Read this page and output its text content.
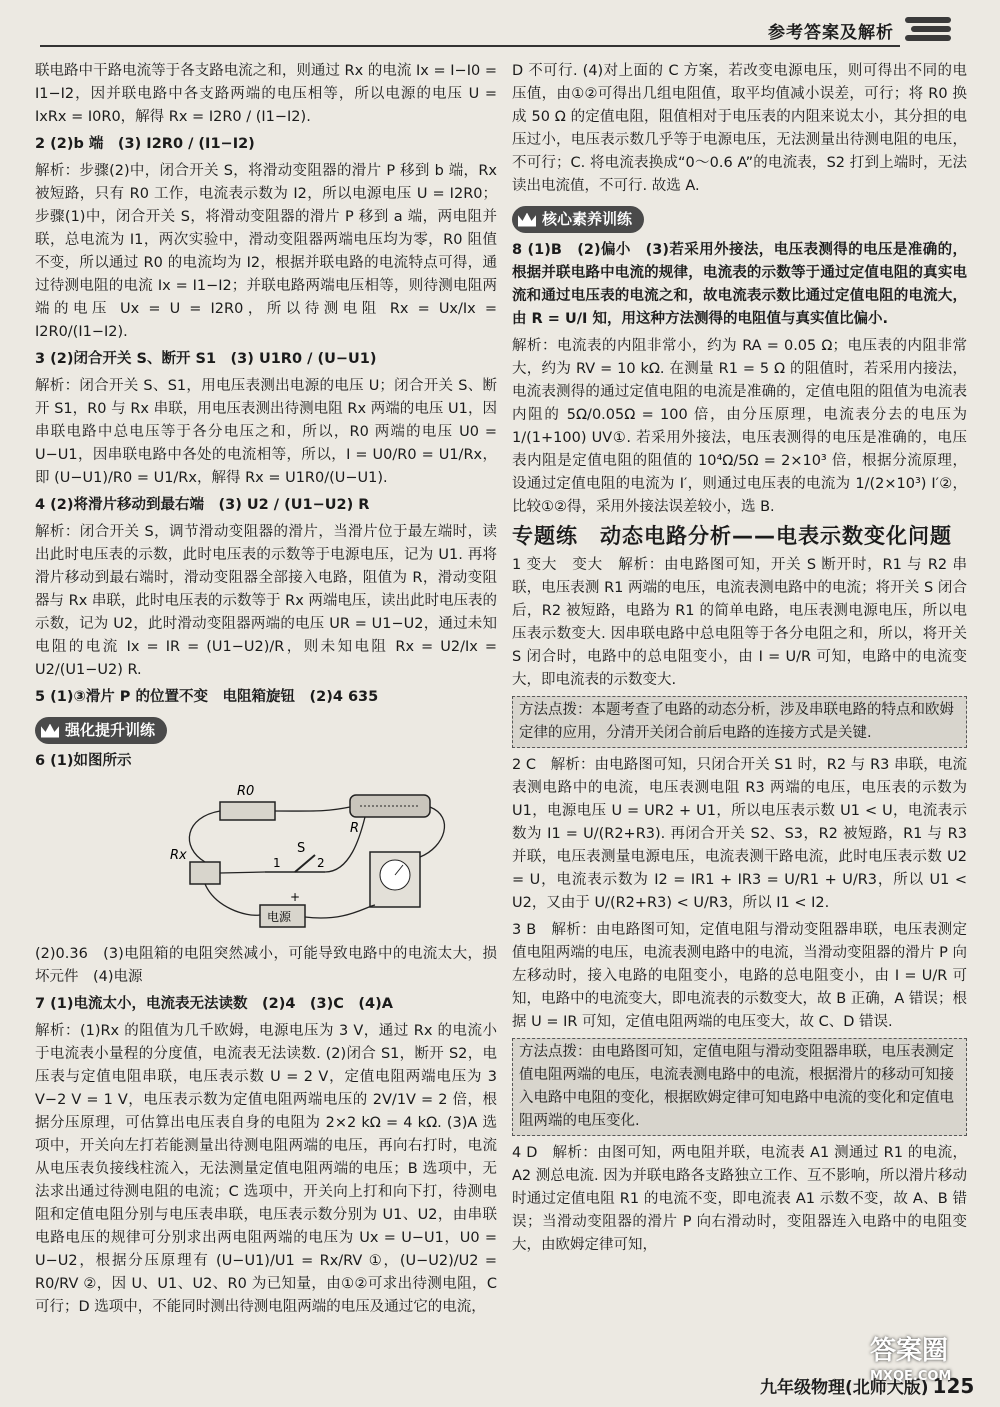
参考答案及解析

联电路中干路电流等于各支路电流之和，则通过 Rx 的电流 Ix = I−I0 = I1−I2，因并联电路中各支路两端的电压相等，所以电源的电压 U = IxRx = I0R0，解得 Rx = I2R0 / (I1−I2).

2 (2)b 端　(3) I2R0 / (I1−I2)

解析：步骤(2)中，闭合开关 S，将滑动变阻器的滑片 P 移到 b 端，Rx 被短路，只有 R0 工作，电流表示数为 I2，所以电源电压 U = I2R0；步骤(1)中，闭合开关 S，将滑动变阻器的滑片 P 移到 a 端，两电阻并联，总电流为 I1，两次实验中，滑动变阻器两端电压均为零，R0 阻值不变，所以通过 R0 的电流均为 I2，根据并联电路的电流特点可得，通过待测电阻的电流 Ix = I1−I2；并联电路两端电压相等，则待测电阻两端的电压 Ux = U = I2R0，所以待测电阻 Rx = Ux/Ix = I2R0/(I1−I2).

3 (2)闭合开关 S、断开 S1　(3) U1R0 / (U−U1)

解析：闭合开关 S、S1，用电压表测出电源的电压 U；闭合开关 S、断开 S1，R0 与 Rx 串联，用电压表测出待测电阻 Rx 两端的电压 U1，因串联电路中总电压等于各分电压之和，所以，R0 两端的电压 U0 = U−U1，因串联电路中各处的电流相等，所以，I = U0/R0 = U1/Rx，即 (U−U1)/R0 = U1/Rx，解得 Rx = U1R0/(U−U1).

4 (2)将滑片移动到最右端　(3) U2 / (U1−U2) R

解析：闭合开关 S，调节滑动变阻器的滑片，当滑片位于最左端时，读出此时电压表的示数，此时电压表的示数等于电源电压，记为 U1. 再将滑片移动到最右端时，滑动变阻器全部接入电路，阻值为 R，滑动变阻器与 Rx 串联，此时电压表的示数等于 Rx 两端电压，读出此时电压表的示数，记为 U2，此时滑动变阻器两端的电压 UR = U1−U2，通过未知电阻的电流 Ix = IR = (U1−U2)/R，则未知电阻 Rx = U2/Ix = U2/(U1−U2) R.

5 (1)③滑片 P 的位置不变　电阻箱旋钮　(2)4 635

强化提升训练

6 (1)如图所示

R0
S
1	2
R
Rx
电源
+

(2)0.36　(3)电阻箱的电阻突然减小，可能导致电路中的电流太大，损坏元件　(4)电源

7 (1)电流太小，电流表无法读数　(2)4　(3)C　(4)A

解析：(1)Rx 的阻值为几千欧姆，电源电压为 3 V，通过 Rx 的电流小于电流表小量程的分度值，电流表无法读数. (2)闭合 S1，断开 S2，电压表与定值电阻串联，电压表示数 U = 2 V，定值电阻两端电压为 3 V−2 V = 1 V，电压表示数为定值电阻两端电压的 2V/1V = 2 倍，根据分压原理，可估算出电压表自身的电阻为 2×2 kΩ = 4 kΩ. (3)A 选项中，开关向左打若能测量出待测电阻两端的电压，再向右打时，电流从电压表负接线柱流入，无法测量定值电阻两端的电压；B 选项中，无法求出通过待测电阻的电流；C 选项中，开关向上打和向下打，待测电阻和定值电阻分别与电压表串联，电压表示数分别为 U1、U2，由串联电路电压的规律可分别求出两电阻两端的电压为 Ux = U−U1，U0 = U−U2，根据分压原理有 (U−U1)/U1 = Rx/RV ①，(U−U2)/U2 = R0/RV ②，因 U、U1、U2、R0 为已知量，由①②可求出待测电阻，C 可行；D 选项中，不能同时测出待测电阻两端的电压及通过它的电流，

D 不可行. (4)对上面的 C 方案，若改变电源电压，则可得出不同的电压值，由①②可得出几组电阻值，取平均值减小误差，可行；将 R0 换成 50 Ω 的定值电阻，阻值相对于电压表的内阻来说太小，其分担的电压过小，电压表示数几乎等于电源电压，无法测量出待测电阻的电压，不可行；C. 将电流表换成“0～0.6 A”的电流表，S2 打到上端时，无法读出电流值，不可行. 故选 A.

核心素养训练

8 (1)B　(2)偏小　(3)若采用外接法，电压表测得的电压是准确的，根据并联电路中电流的规律，电流表的示数等于通过定值电阻的真实电流和通过电压表的电流之和，故电流表示数比通过定值电阻的电流大，由 R = U/I 知，用这种方法测得的电阻值与真实值比偏小.

解析：电流表的内阻非常小，约为 RA = 0.05 Ω；电压表的内阻非常大，约为 RV = 10 kΩ. 在测量 R1 = 5 Ω 的阻值时，若采用内接法，电流表测得的通过定值电阻的电流是准确的，定值电阻的阻值为电流表内阻的 5Ω/0.05Ω = 100 倍，由分压原理，电流表分去的电压为 1/(1+100) UV①. 若采用外接法，电压表测得的电压是准确的，电压表内阻是定值电阻的阻值的 10⁴Ω/5Ω = 2×10³ 倍，根据分流原理，设通过定值电阻的电流为 I′，则通过电压表的电流为 1/(2×10³) I′②，比较①②得，采用外接法误差较小，选 B.

专题练　动态电路分析——电表示数变化问题

1 变大　变大　解析：由电路图可知，开关 S 断开时，R1 与 R2 串联，电压表测 R1 两端的电压，电流表测电路中的电流；将开关 S 闭合后，R2 被短路，电路为 R1 的简单电路，电压表测电源电压，所以电压表示数变大. 因串联电路中总电阻等于各分电阻之和，所以，将开关 S 闭合时，电路中的总电阻变小，由 I = U/R 可知，电路中的电流变大，即电流表的示数变大.

方法点拨：本题考查了电路的动态分析，涉及串联电路的特点和欧姆定律的应用，分清开关闭合前后电路的连接方式是关键.

2 C　解析：由电路图可知，只闭合开关 S1 时，R2 与 R3 串联，电流表测电路中的电流，电压表测电阻 R3 两端的电压，电压表的示数为 U1，电源电压 U = UR2 + U1，所以电压表示数 U1 < U，电流表示数为 I1 = U/(R2+R3). 再闭合开关 S2、S3，R2 被短路，R1 与 R3 并联，电压表测量电源电压，电流表测干路电流，此时电压表示数 U2 = U，电流表示数为 I2 = IR1 + IR3 = U/R1 + U/R3，所以 U1 < U2，又由于 U/(R2+R3) < U/R3，所以 I1 < I2.

3 B　解析：由电路图可知，定值电阻与滑动变阻器串联，电压表测定值电阻两端的电压，电流表测电路中的电流，当滑动变阻器的滑片 P 向左移动时，接入电路的电阻变小，电路的总电阻变小，由 I = U/R 可知，电路中的电流变大，即电流表的示数变大，故 B 正确，A 错误；根据 U = IR 可知，定值电阻两端的电压变大，故 C、D 错误.

方法点拨：由电路图可知，定值电阻与滑动变阻器串联，电压表测定值电阻两端的电压，电流表测电路中的电流，根据滑片的移动可知接入电路中电阻的变化，根据欧姆定律可知电路中电流的变化和定值电阻两端的电压变化.

4 D　解析：由图可知，两电阻并联，电流表 A1 测通过 R1 的电流，A2 测总电流. 因为并联电路各支路独立工作、互不影响，所以滑片移动时通过定值电阻 R1 的电流不变，即电流表 A1 示数不变，故 A、B 错误；当滑动变阻器的滑片 P 向右滑动时，变阻器连入电路中的电阻变大，由欧姆定律可知，

九年级物理(北师大版) 125
答案圈
MXQE.COM
